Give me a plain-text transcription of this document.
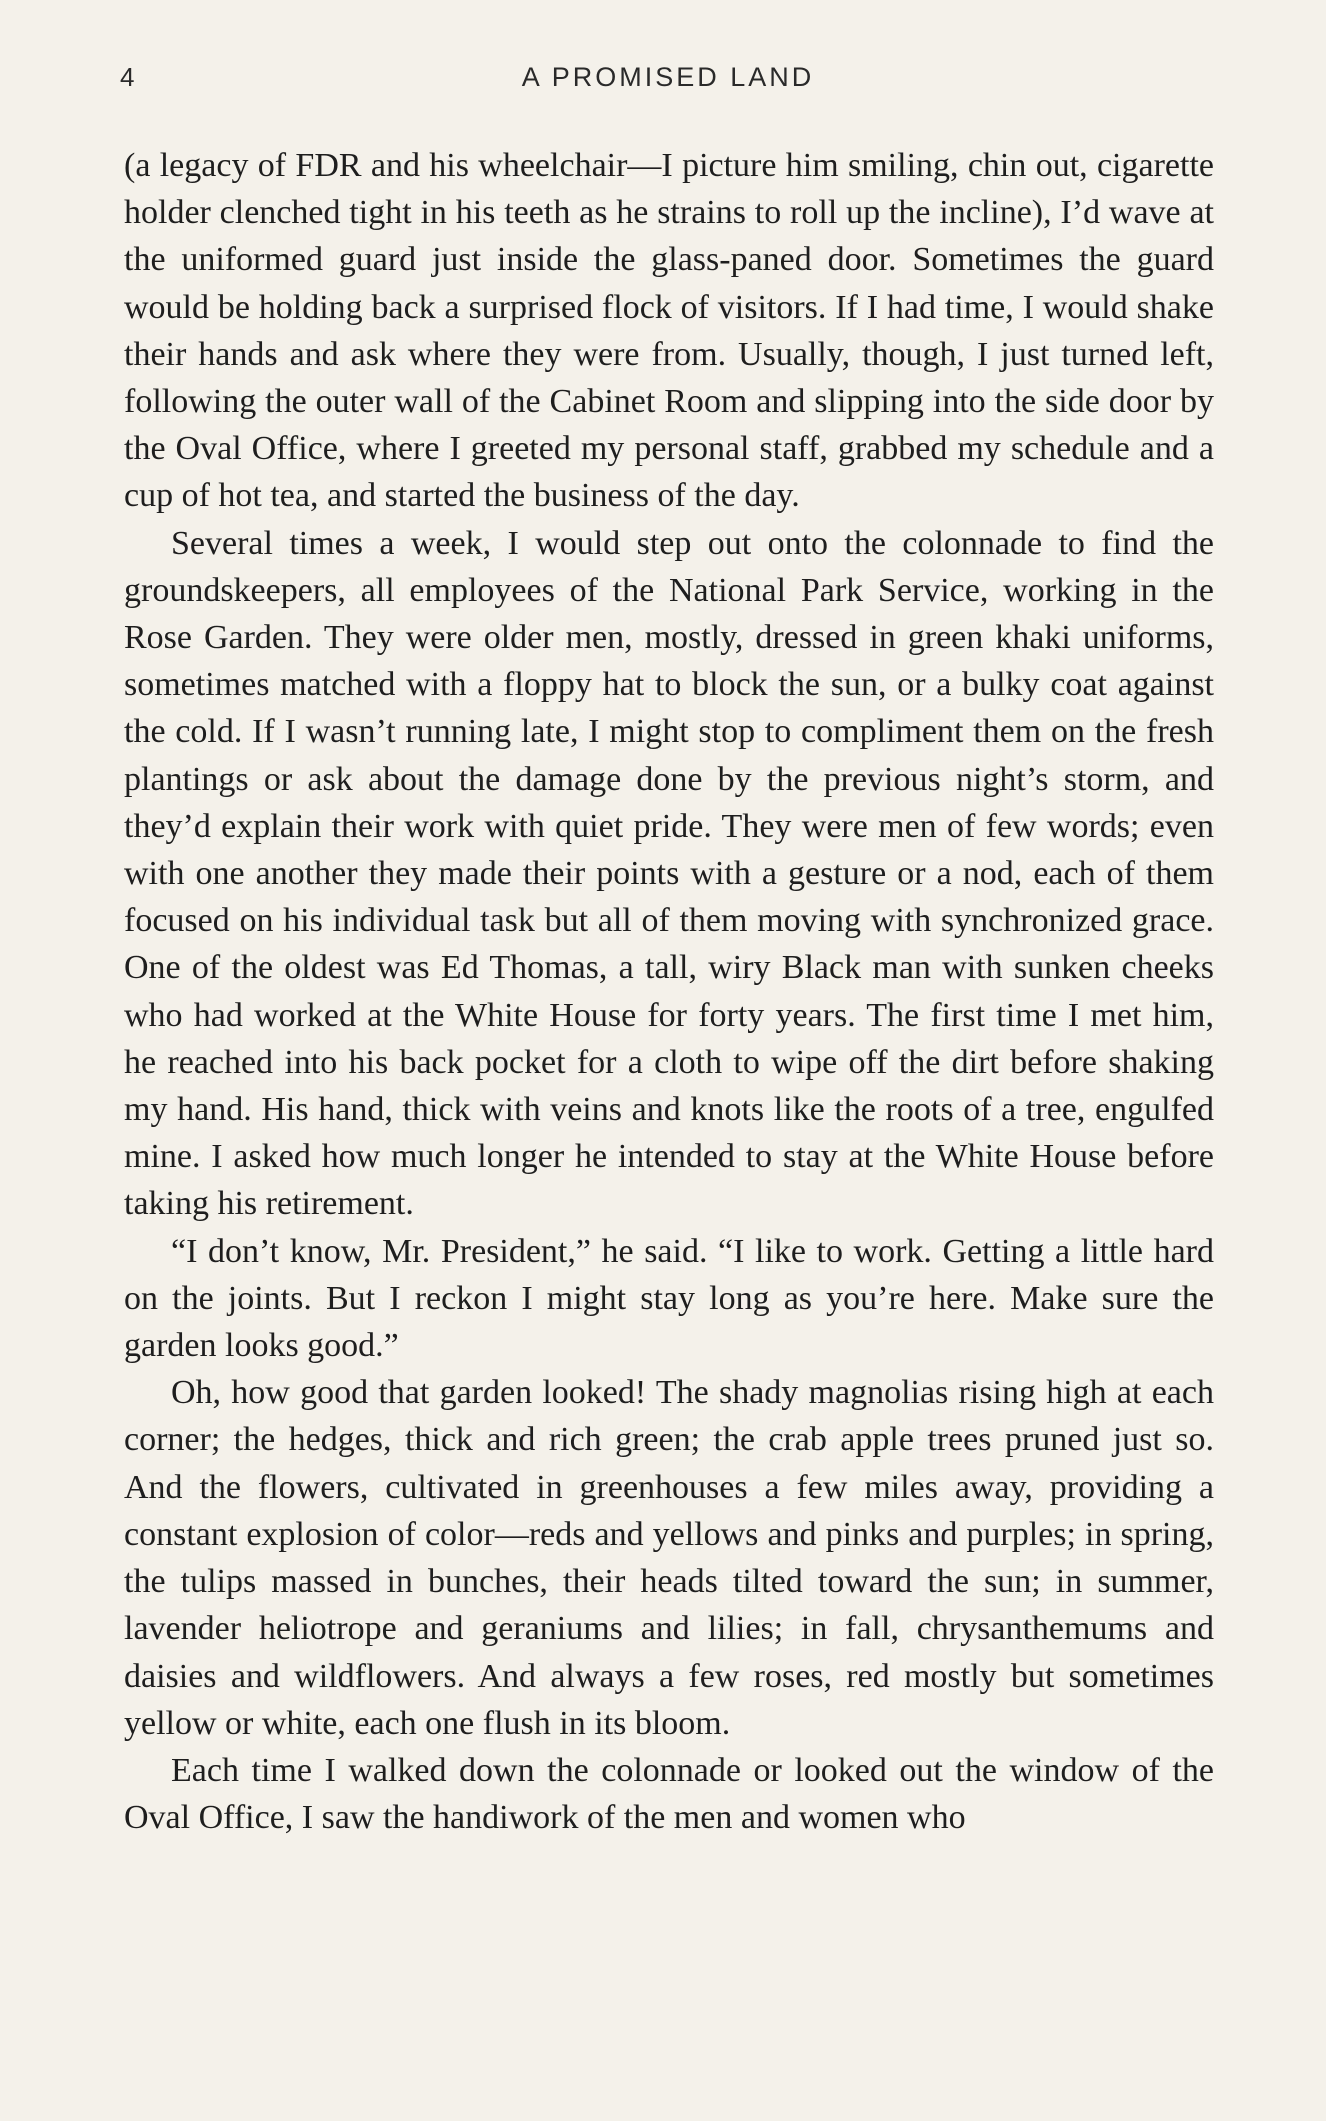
4	A PROMISED LAND

(a legacy of FDR and his wheelchair—I picture him smiling, chin out, cigarette holder clenched tight in his teeth as he strains to roll up the incline), I’d wave at the uniformed guard just inside the glass-paned door. Sometimes the guard would be holding back a surprised flock of visitors. If I had time, I would shake their hands and ask where they were from. Usually, though, I just turned left, following the outer wall of the Cabinet Room and slipping into the side door by the Oval Office, where I greeted my personal staff, grabbed my schedule and a cup of hot tea, and started the business of the day.

Several times a week, I would step out onto the colonnade to find the groundskeepers, all employees of the National Park Service, working in the Rose Garden. They were older men, mostly, dressed in green khaki uniforms, sometimes matched with a floppy hat to block the sun, or a bulky coat against the cold. If I wasn’t running late, I might stop to compliment them on the fresh plantings or ask about the damage done by the previous night’s storm, and they’d explain their work with quiet pride. They were men of few words; even with one another they made their points with a gesture or a nod, each of them focused on his individual task but all of them moving with synchronized grace. One of the oldest was Ed Thomas, a tall, wiry Black man with sunken cheeks who had worked at the White House for forty years. The first time I met him, he reached into his back pocket for a cloth to wipe off the dirt before shaking my hand. His hand, thick with veins and knots like the roots of a tree, engulfed mine. I asked how much longer he intended to stay at the White House before taking his retirement.

“I don’t know, Mr. President,” he said. “I like to work. Getting a little hard on the joints. But I reckon I might stay long as you’re here. Make sure the garden looks good.”

Oh, how good that garden looked! The shady magnolias rising high at each corner; the hedges, thick and rich green; the crab apple trees pruned just so. And the flowers, cultivated in greenhouses a few miles away, providing a constant explosion of color—reds and yellows and pinks and purples; in spring, the tulips massed in bunches, their heads tilted toward the sun; in summer, lavender heliotrope and geraniums and lilies; in fall, chrysanthemums and daisies and wildflowers. And always a few roses, red mostly but sometimes yellow or white, each one flush in its bloom.

Each time I walked down the colonnade or looked out the window of the Oval Office, I saw the handiwork of the men and women who
